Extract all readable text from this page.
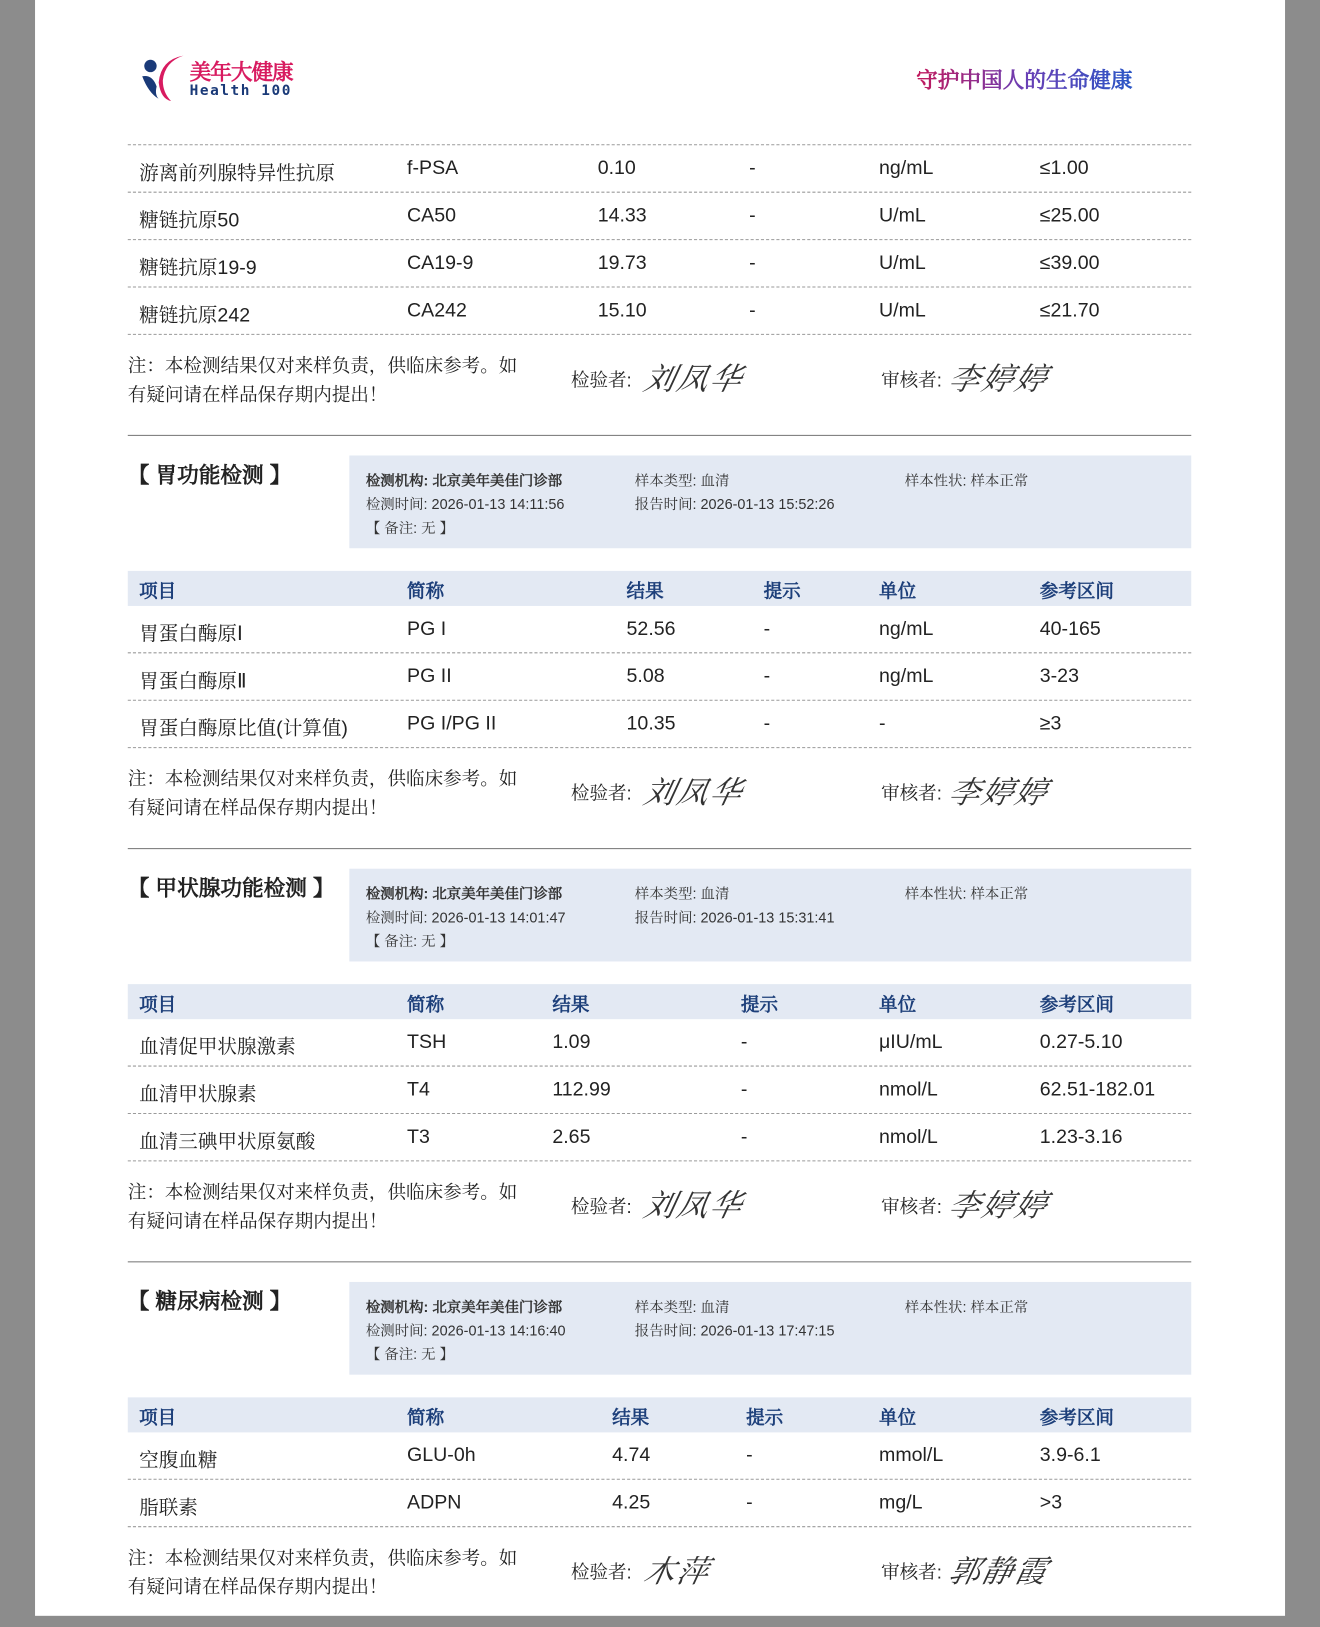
美年大健康
Health 100	守护中国人的生命健康
游离前列腺特异性抗原	f-PSA	0.10	-	ng/mL	≤1.00
糖链抗原50	CA50	14.33	-	U/mL	≤25.00
糖链抗原19-9	CA19-9	19.73	-	U/mL	≤39.00
糖链抗原242	CA242	15.10	-	U/mL	≤21.70
注：本检测结果仅对来样负责，供临床参考。如有疑问请在样品保存期内提出！
检验者: 刘凤华	审核者: 李婷婷
【 胃功能检测 】	检测机构: 北京美年美佳门诊部	样本类型: 血清	样本性状: 样本正常
检测时间: 2026-01-13 14:11:56	报告时间: 2026-01-13 15:52:26
【 备注: 无 】
项目	简称	结果	提示	单位	参考区间
胃蛋白酶原Ⅰ	PG I	52.56	-	ng/mL	40-165
胃蛋白酶原Ⅱ	PG II	5.08	-	ng/mL	3-23
胃蛋白酶原比值(计算值)	PG I/PG II	10.35	-	-	≥3
注：本检测结果仅对来样负责，供临床参考。如有疑问请在样品保存期内提出！
检验者: 刘凤华	审核者: 李婷婷
【 甲状腺功能检测 】 检测机构: 北京美年美佳门诊部	样本类型: 血清	样本性状: 样本正常
检测时间: 2026-01-13 14:01:47	报告时间: 2026-01-13 15:31:41
【 备注: 无 】
项目	简称	结果	提示	单位	参考区间
血清促甲状腺激素	TSH	1.09	-	μIU/mL	0.27-5.10
血清甲状腺素	T4	112.99	-	nmol/L	62.51-182.01
血清三碘甲状原氨酸	T3	2.65	-	nmol/L	1.23-3.16
注：本检测结果仅对来样负责，供临床参考。如有疑问请在样品保存期内提出！
检验者: 刘凤华	审核者: 李婷婷
【 糖尿病检测 】	检测机构: 北京美年美佳门诊部	样本类型: 血清	样本性状: 样本正常
检测时间: 2026-01-13 14:16:40	报告时间: 2026-01-13 17:47:15
【 备注: 无 】
项目	简称	结果	提示	单位	参考区间
空腹血糖	GLU-0h	4.74	-	mmol/L	3.9-6.1
脂联素	ADPN	4.25	-	mg/L	>3
注：本检测结果仅对来样负责，供临床参考。如有疑问请在样品保存期内提出！
检验者: 木萍	审核者: 郭静霞
